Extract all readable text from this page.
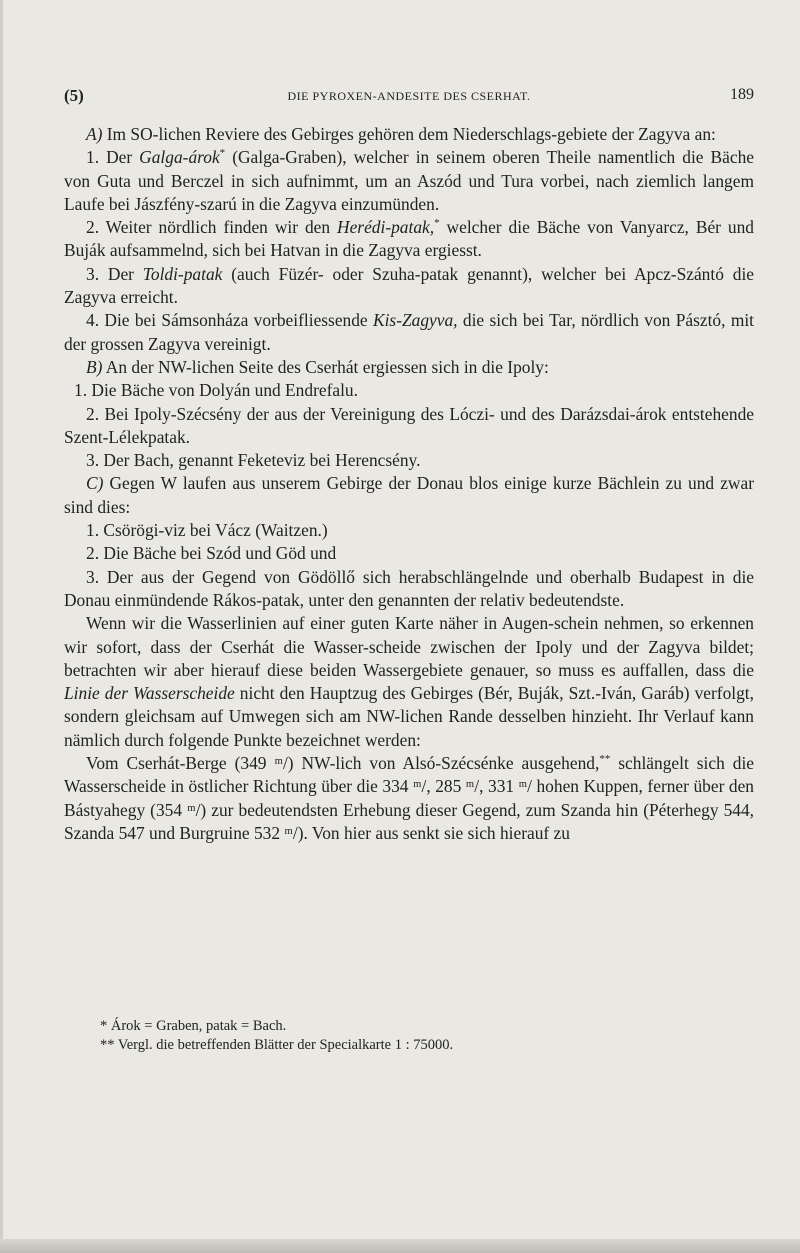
(5)	DIE PYROXEN-ANDESITE DES CSERHAT.	189

A) Im SO-lichen Reviere des Gebirges gehören dem Niederschlags-gebiete der Zagyva an:

1. Der Galga-árok* (Galga-Graben), welcher in seinem oberen Theile namentlich die Bäche von Guta und Berczel in sich aufnimmt, um an Aszód und Tura vorbei, nach ziemlich langem Laufe bei Jászfény-szarú in die Zagyva einzumünden.

2. Weiter nördlich finden wir den Herédi-patak,* welcher die Bäche von Vanyarcz, Bér und Buják aufsammelnd, sich bei Hatvan in die Zagyva ergiesst.

3. Der Toldi-patak (auch Füzér- oder Szuha-patak genannt), welcher bei Apcz-Szántó die Zagyva erreicht.

4. Die bei Sámsonháza vorbeifliessende Kis-Zagyva, die sich bei Tar, nördlich von Pásztó, mit der grossen Zagyva vereinigt.

B) An der NW-lichen Seite des Cserhát ergiessen sich in die Ipoly:

1. Die Bäche von Dolyán und Endrefalu.

2. Bei Ipoly-Szécsény der aus der Vereinigung des Lóczi- und des Darázsdai-árok entstehende Szent-Lélekpatak.

3. Der Bach, genannt Feketeviz bei Herencsény.

C) Gegen W laufen aus unserem Gebirge der Donau blos einige kurze Bächlein zu und zwar sind dies:

1. Csörögi-viz bei Vácz (Waitzen.)

2. Die Bäche bei Szód und Göd und

3. Der aus der Gegend von Gödöllő sich herabschlängelnde und oberhalb Budapest in die Donau einmündende Rákos-patak, unter den genannten der relativ bedeutendste.

Wenn wir die Wasserlinien auf einer guten Karte näher in Augen-schein nehmen, so erkennen wir sofort, dass der Cserhát die Wasser-scheide zwischen der Ipoly und der Zagyva bildet; betrachten wir aber hierauf diese beiden Wassergebiete genauer, so muss es auffallen, dass die Linie der Wasserscheide nicht den Hauptzug des Gebirges (Bér, Buják, Szt.-Iván, Garáb) verfolgt, sondern gleichsam auf Umwegen sich am NW-lichen Rande desselben hinzieht. Ihr Verlauf kann nämlich durch folgende Punkte bezeichnet werden:

Vom Cserhát-Berge (349 ᵐ/) NW-lich von Alsó-Szécsénke ausgehend,** schlängelt sich die Wasserscheide in östlicher Richtung über die 334 ᵐ/, 285 ᵐ/, 331 ᵐ/ hohen Kuppen, ferner über den Bástyahegy (354 ᵐ/) zur bedeutendsten Erhebung dieser Gegend, zum Szanda hin (Péterhegy 544, Szanda 547 und Burgruine 532 ᵐ/). Von hier aus senkt sie sich hierauf zu

* Árok = Graben, patak = Bach.

** Vergl. die betreffenden Blätter der Specialkarte 1 : 75000.
